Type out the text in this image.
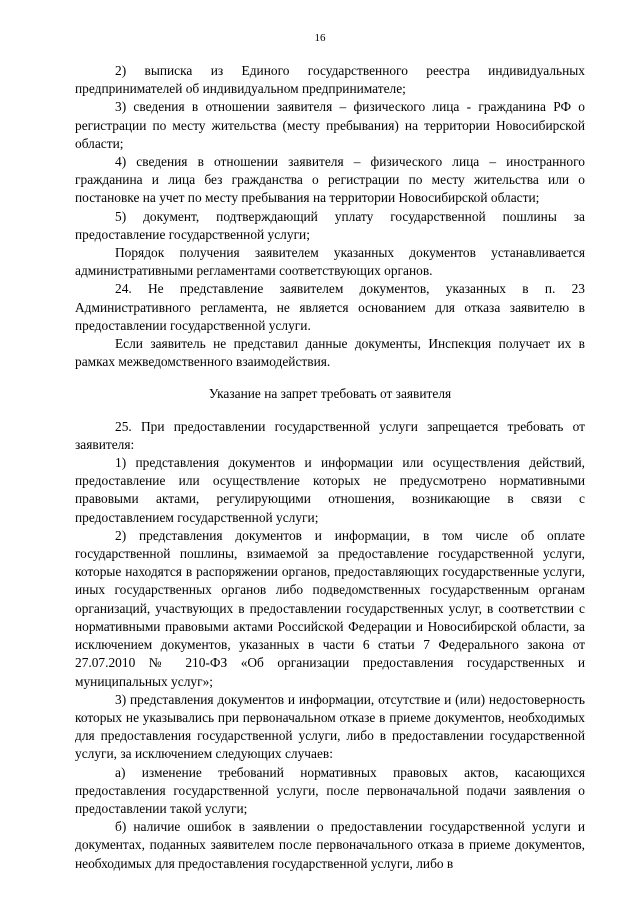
16

2) выписка из Единого государственного реестра индивидуальных предпринимателей об индивидуальном предпринимателе;

3) сведения в отношении заявителя – физического лица - гражданина РФ о регистрации по месту жительства (месту пребывания) на территории Новосибирской области;

4) сведения в отношении заявителя – физического лица – иностранного гражданина и лица без гражданства о регистрации по месту жительства или о постановке на учет по месту пребывания на территории Новосибирской области;

5) документ, подтверждающий уплату государственной пошлины за предоставление государственной услуги;

Порядок получения заявителем указанных документов устанавливается административными регламентами соответствующих органов.

24. Не представление заявителем документов, указанных в п. 23 Административного регламента, не является основанием для отказа заявителю в предоставлении государственной услуги.

Если заявитель не представил данные документы, Инспекция получает их в рамках межведомственного взаимодействия.

Указание на запрет требовать от заявителя

25. При предоставлении государственной услуги запрещается требовать от заявителя:

1) представления документов и информации или осуществления действий, предоставление или осуществление которых не предусмотрено нормативными правовыми актами, регулирующими отношения, возникающие в связи с предоставлением государственной услуги;

2) представления документов и информации, в том числе об оплате государственной пошлины, взимаемой за предоставление государственной услуги, которые находятся в распоряжении органов, предоставляющих государственные услуги, иных государственных органов либо подведомственных государственным органам организаций, участвующих в предоставлении государственных услуг, в соответствии с нормативными правовыми актами Российской Федерации и Новосибирской области, за исключением документов, указанных в части 6 статьи 7 Федерального закона от 27.07.2010 № 210-ФЗ «Об организации предоставления государственных и муниципальных услуг»;

3) представления документов и информации, отсутствие и (или) недостоверность которых не указывались при первоначальном отказе в приеме документов, необходимых для предоставления государственной услуги, либо в предоставлении государственной услуги, за исключением следующих случаев:

а) изменение требований нормативных правовых актов, касающихся предоставления государственной услуги, после первоначальной подачи заявления о предоставлении такой услуги;

б) наличие ошибок в заявлении о предоставлении государственной услуги и документах, поданных заявителем после первоначального отказа в приеме документов, необходимых для предоставления государственной услуги, либо в
